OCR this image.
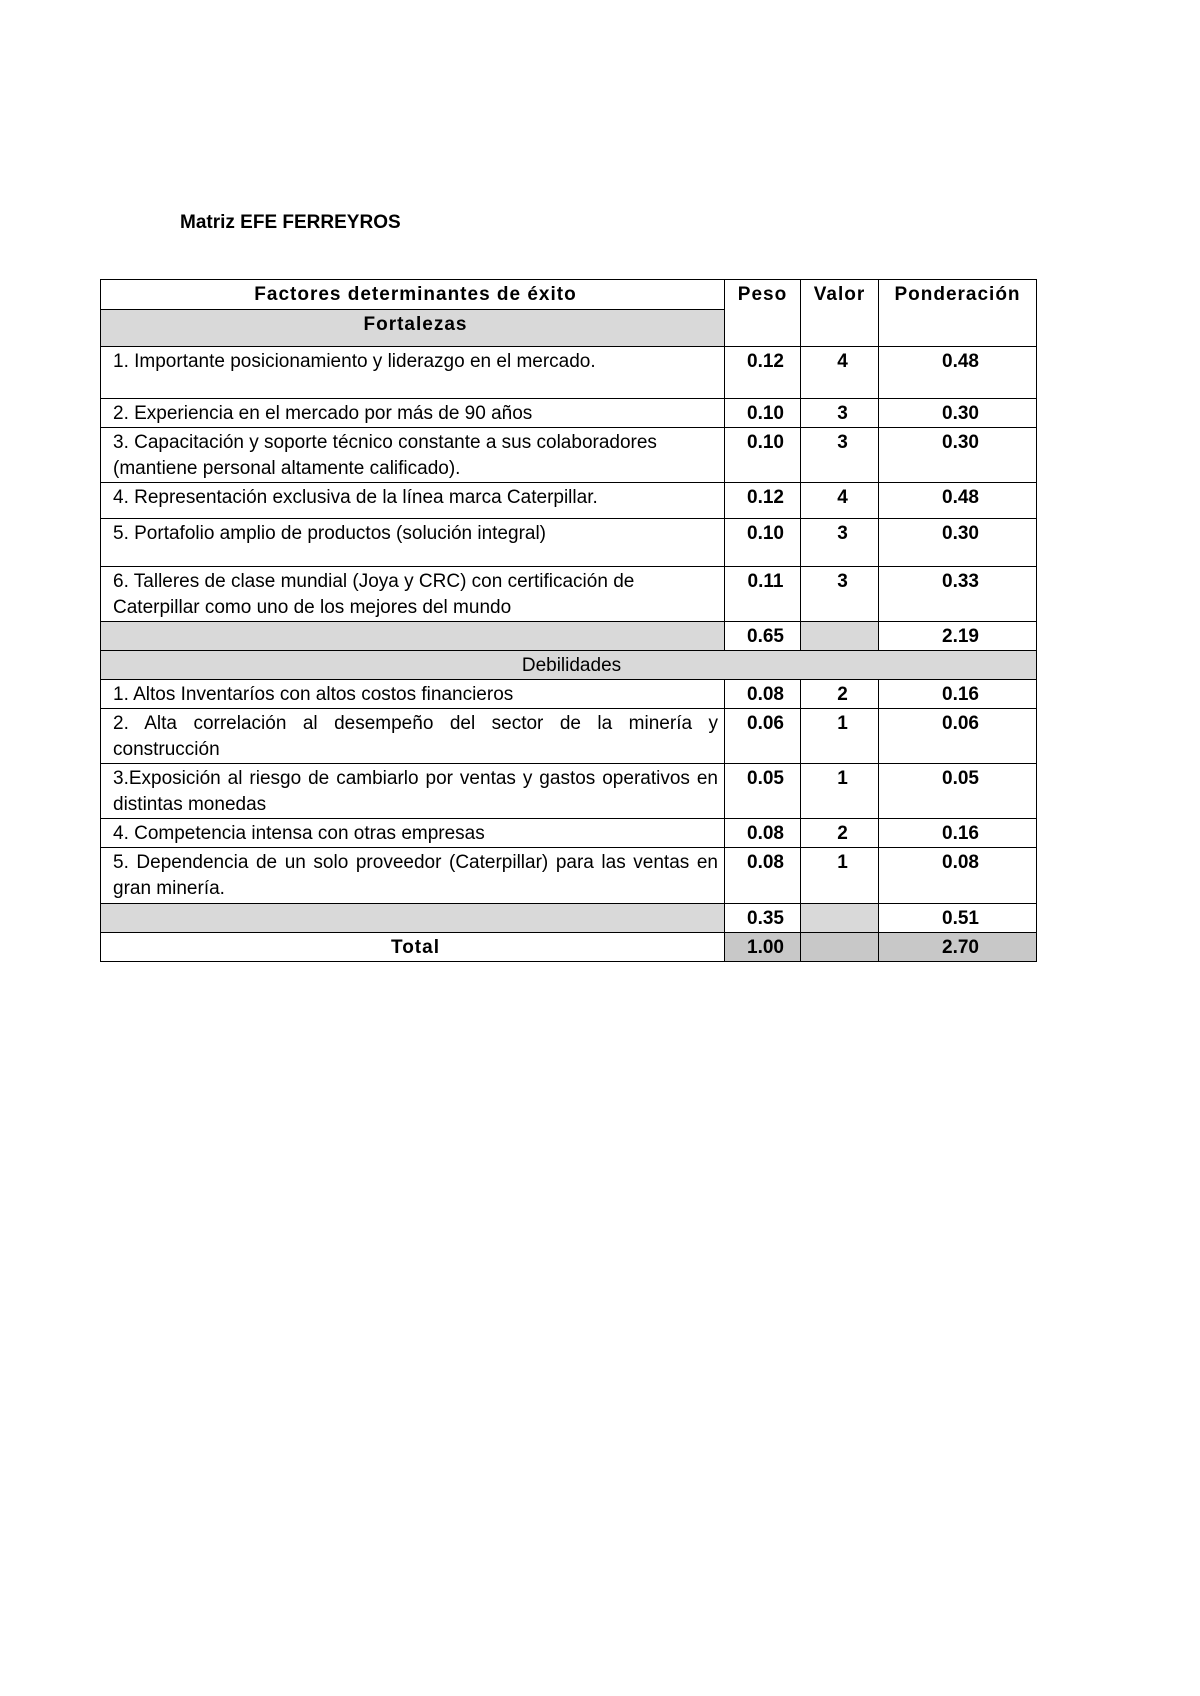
Matriz EFE FERREYROS
Factores determinantes de éxito	Peso	Valor	Ponderación
Fortalezas			
1. Importante posicionamiento y liderazgo en el mercado.	0.12	4	0.48
2. Experiencia en el mercado por más de 90 años	0.10	3	0.30
3. Capacitación y soporte técnico constante a sus colaboradores (mantiene personal altamente calificado).	0.10	3	0.30
4. Representación exclusiva de la línea marca Caterpillar.	0.12	4	0.48
5. Portafolio amplio de productos (solución integral)	0.10	3	0.30
6. Talleres de clase mundial (Joya y CRC) con certificación de Caterpillar como uno de los mejores del mundo	0.11	3	0.33
	0.65		2.19
Debilidades			
1. Altos Inventaríos con altos costos financieros	0.08	2	0.16
2. Alta correlación al desempeño del sector de la minería y construcción	0.06	1	0.06
3.Exposición al riesgo de cambiarlo por ventas y gastos operativos en distintas monedas	0.05	1	0.05
4. Competencia intensa con otras empresas	0.08	2	0.16
5. Dependencia de un solo proveedor (Caterpillar) para las ventas en gran minería.	0.08	1	0.08
	0.35		0.51
Total	1.00		2.70
